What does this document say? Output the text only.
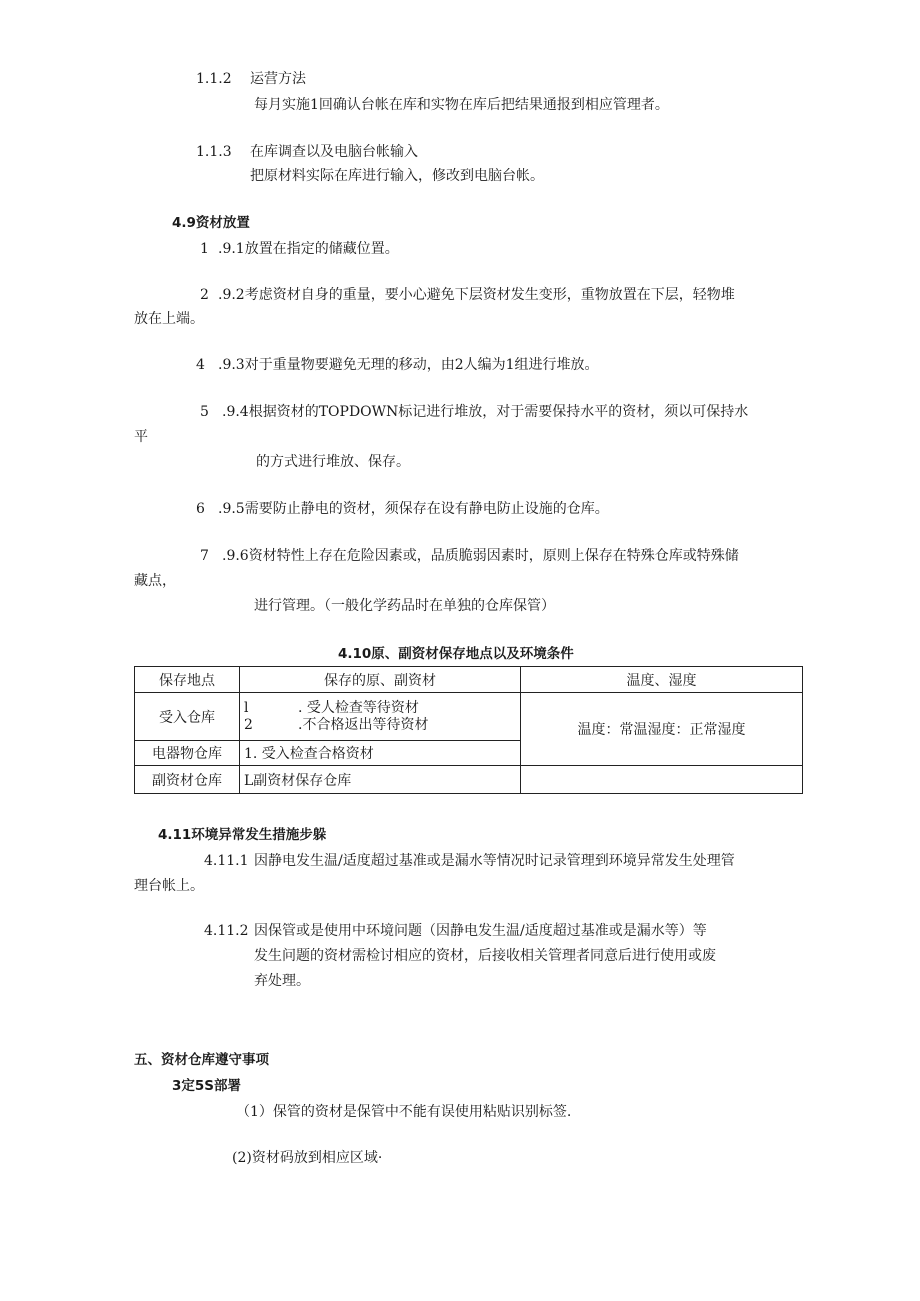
1.1.2 运营方法
每月实施1回确认台帐在库和实物在库后把结果通报到相应管理者。
1.1.3 在库调查以及电脑台帐输入
把原材料实际在库进行输入，修改到电脑台帐。
4.9资材放置
1 .9.1放置在指定的储藏位置。
2 .9.2考虑资材自身的重量，要小心避免下层资材发生变形，重物放置在下层，轻物堆
放在上端。
4 .9.3对于重量物要避免无理的移动，由2人编为1组进行堆放。
5 .9.4根据资材的TOPDOWN标记进行堆放，对于需要保持水平的资材，须以可保持水
平
的方式进行堆放、保存。
6 .9.5需要防止静电的资材，须保存在设有静电防止设施的仓库。
7 .9.6资材特性上存在危险因素或，品质脆弱因素时，原则上保存在特殊仓库或特殊储
藏点，
进行管理。（一般化学药品时在单独的仓库保管）
4.10原、副资材保存地点以及环境条件
保存地点	保存的原、副资材	温度、湿度
受入仓库	l . 受人检查等待资材
2 .不合格返出等待资材	温度：常温湿度：正常湿度
电器物仓库	1. 受入检查合格资材	
副资材仓库	L副资材保存仓库	
4.11环境异常发生措施步躲
4.11.1 因静电发生温/适度超过基准或是漏水等情况时记录管理到环境异常发生处理管
理台帐上。
4.11.2 因保管或是使用中环境问题（因静电发生温/适度超过基准或是漏水等）等
发生问题的资材需检讨相应的资材，后接收相关管理者同意后进行使用或废
弃处理。
五、资材仓库遵守事项
3定5S部署
（1）保管的资材是保管中不能有误使用粘贴识别标签.
(2)资材码放到相应区域·
